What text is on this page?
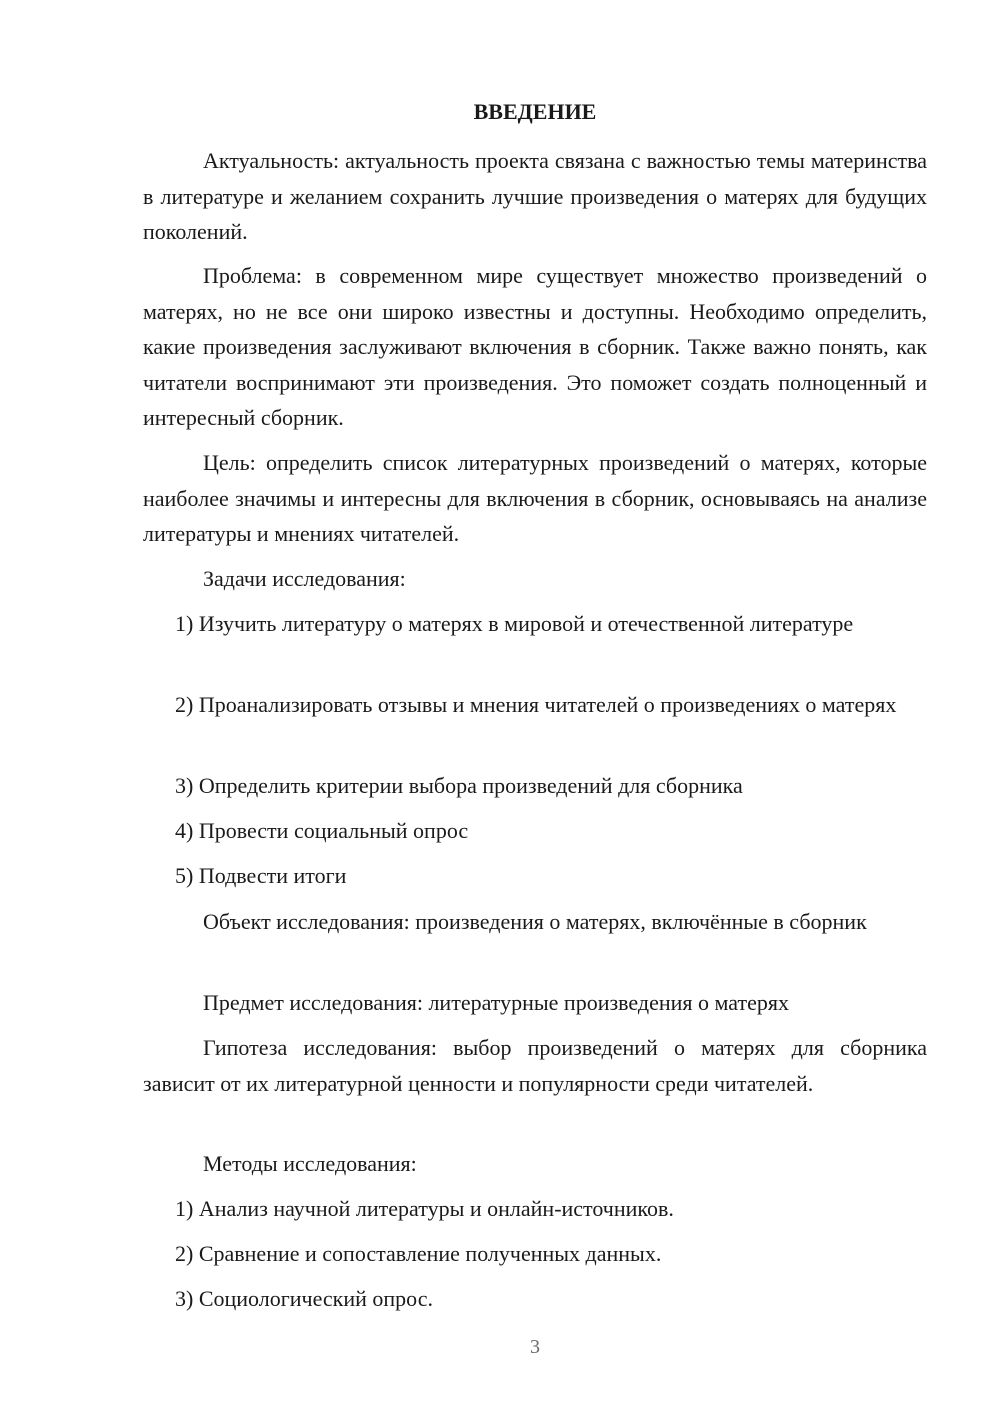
ВВЕДЕНИЕ

Актуальность: актуальность проекта связана с важностью темы материнства в литературе и желанием сохранить лучшие произведения о матерях для будущих поколений.

Проблема: в современном мире существует множество произведений о матерях, но не все они широко известны и доступны. Необходимо определить, какие произведения заслуживают включения в сборник. Также важно понять, как читатели воспринимают эти произведения. Это поможет создать полноценный и интересный сборник.

Цель: определить список литературных произведений о матерях, которые наиболее значимы и интересны для включения в сборник, основываясь на анализе литературы и мнениях читателей.

Задачи исследования:

1) Изучить литературу о матерях в мировой и отечественной литературе

2) Проанализировать отзывы и мнения читателей о произведениях о матерях

3) Определить критерии выбора произведений для сборника

4) Провести социальный опрос

5) Подвести итоги

Объект исследования: произведения о матерях, включённые в сборник

Предмет исследования: литературные произведения о матерях

Гипотеза исследования: выбор произведений о матерях для сборника зависит от их литературной ценности и популярности среди читателей.

Методы исследования:

1) Анализ научной литературы и онлайн-источников.

2) Сравнение и сопоставление полученных данных.

3) Социологический опрос.

3
